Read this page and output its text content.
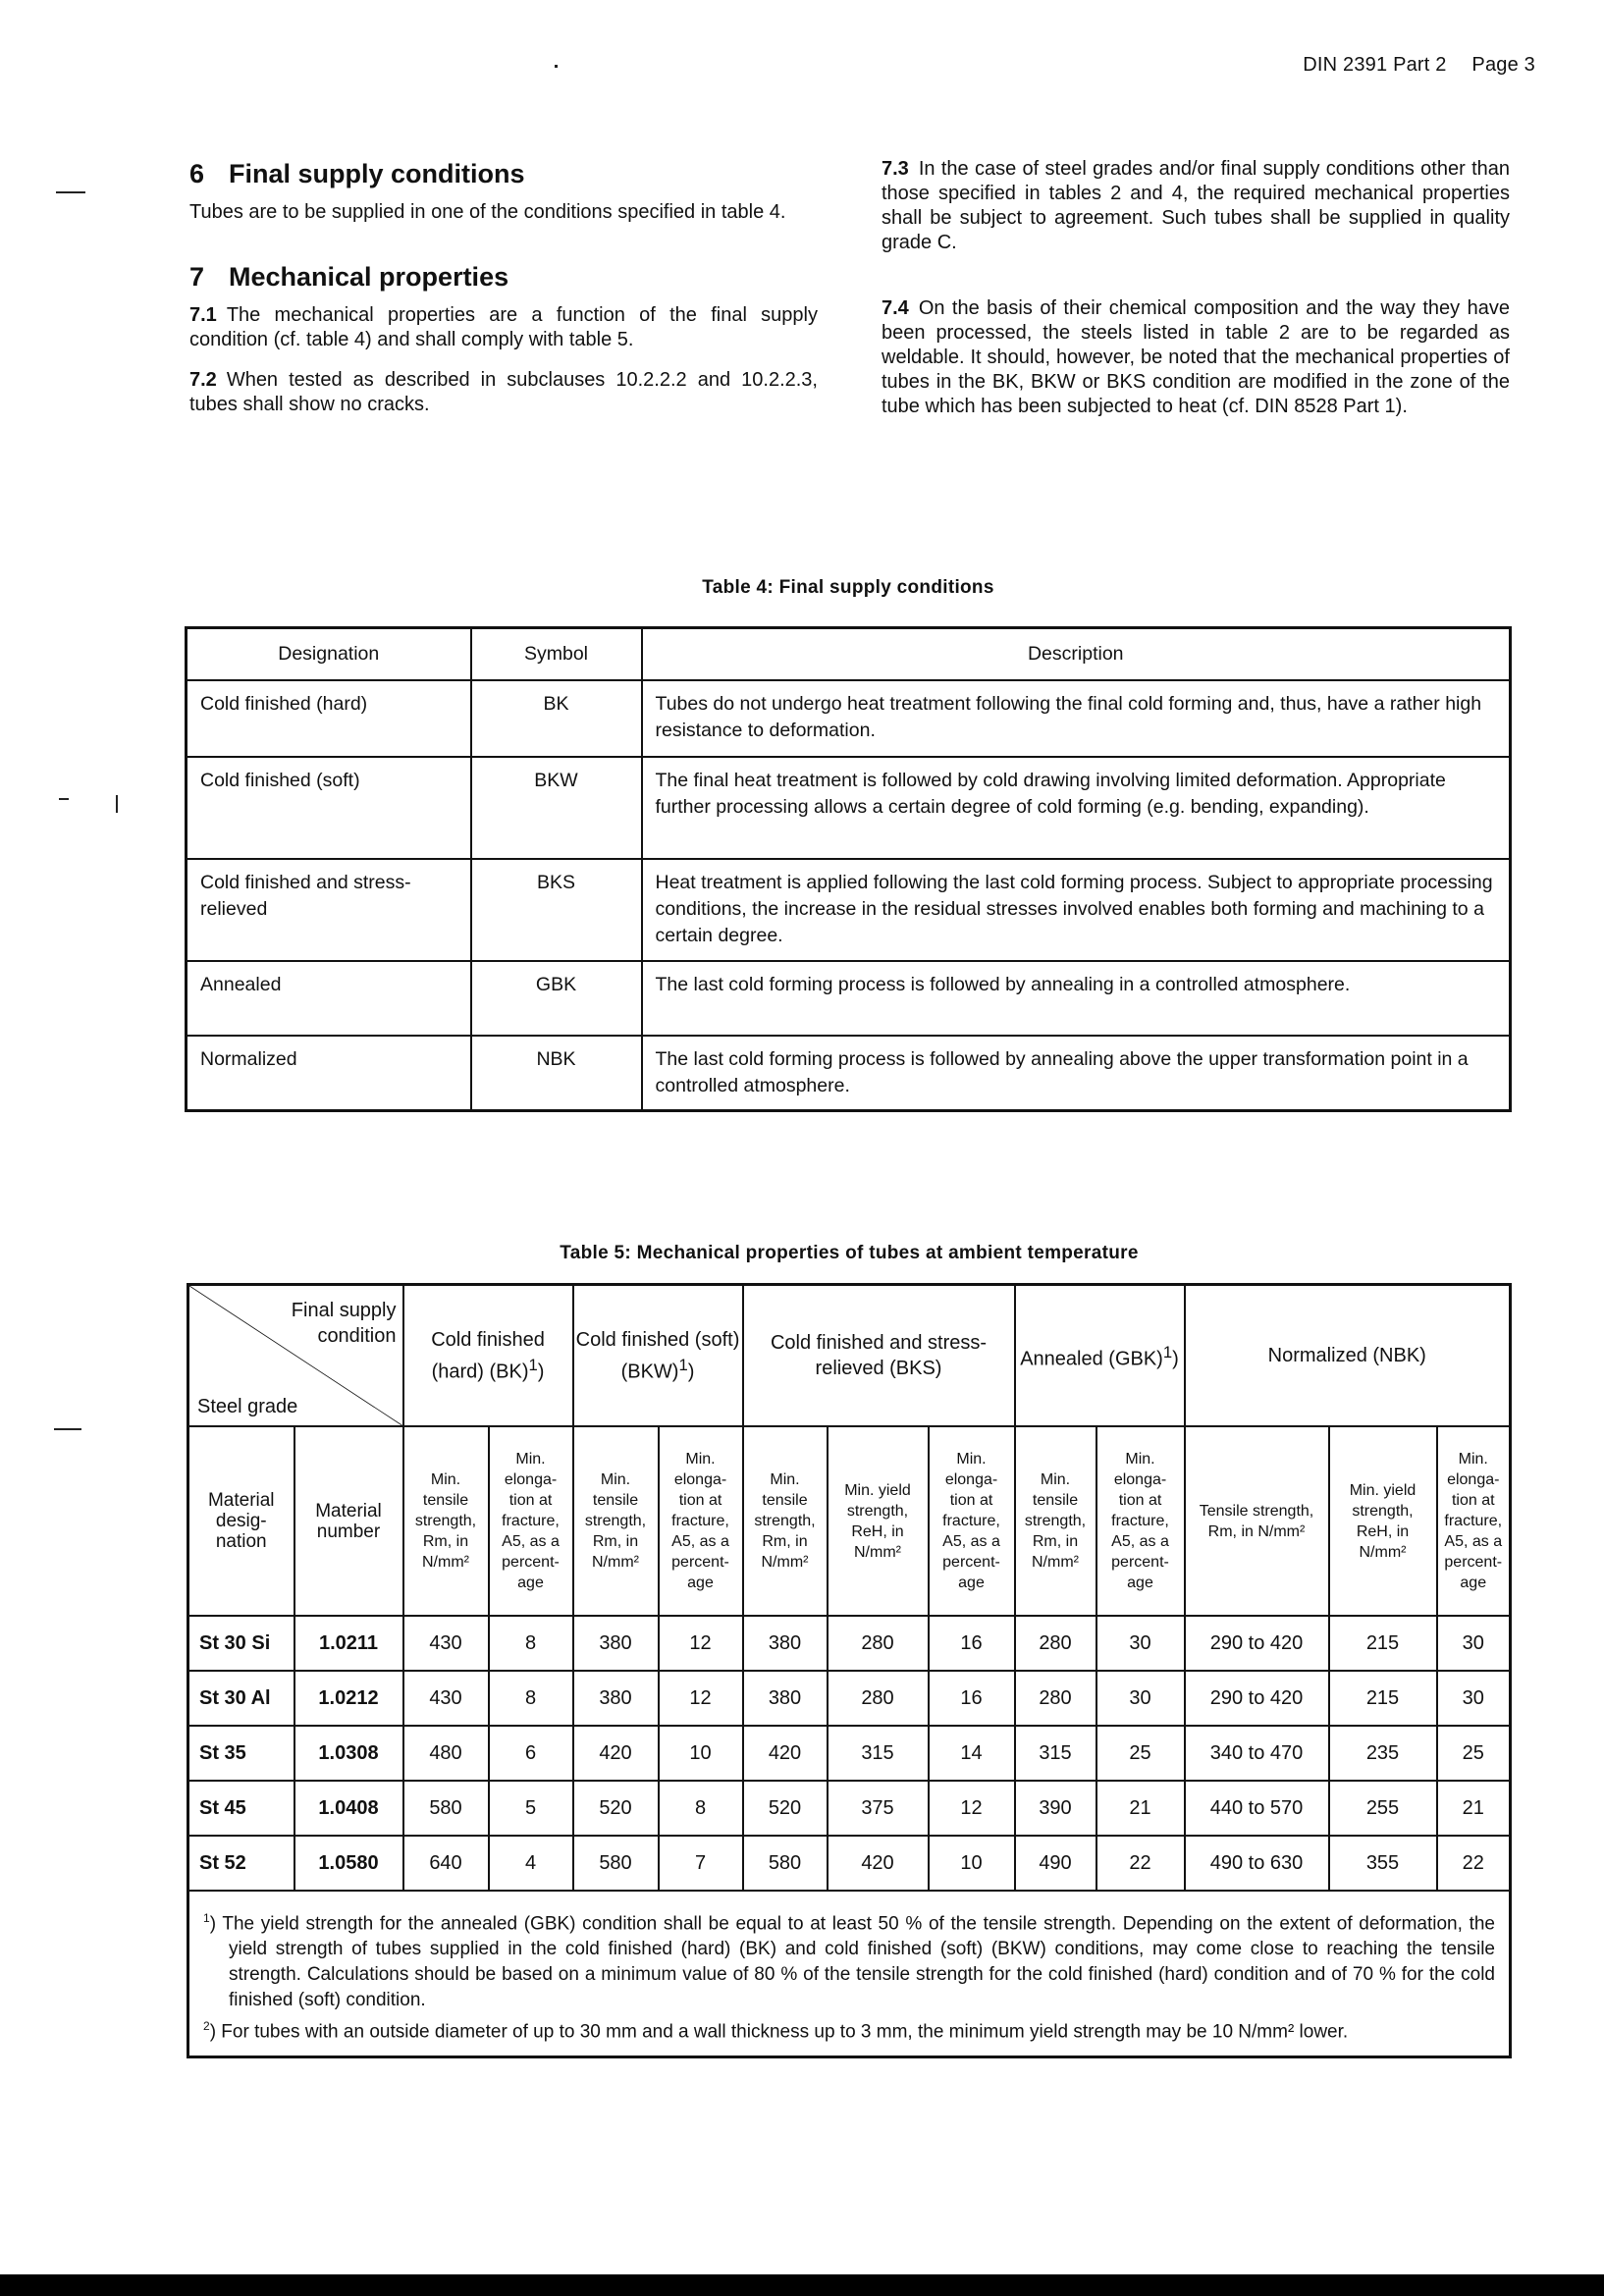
DIN 2391 Part 2 Page 3
6 Final supply conditions

Tubes are to be supplied in one of the conditions specified in table 4.

7 Mechanical properties

7.1 The mechanical properties are a function of the final supply condition (cf. table 4) and shall comply with table 5.

7.2 When tested as described in subclauses 10.2.2.2 and 10.2.2.3, tubes shall show no cracks.

7.3 In the case of steel grades and/or final supply conditions other than those specified in tables 2 and 4, the required mechanical properties shall be subject to agreement. Such tubes shall be supplied in quality grade C.

7.4 On the basis of their chemical composition and the way they have been processed, the steels listed in table 2 are to be regarded as weldable. It should, however, be noted that the mechanical properties of tubes in the BK, BKW or BKS condition are modified in the zone of the tube which has been subjected to heat (cf. DIN 8528 Part 1).

Table 4: Final supply conditions
Designation	Symbol	Description
Cold finished (hard)	BK	Tubes do not undergo heat treatment following the final cold forming and, thus, have a rather high resistance to deformation.
Cold finished (soft)	BKW	The final heat treatment is followed by cold drawing involving limited deformation. Appropriate further processing allows a certain degree of cold forming (e.g. bending, expanding).
Cold finished and stress-relieved	BKS	Heat treatment is applied following the last cold forming process. Subject to appropriate processing conditions, the increase in the residual stresses involved enables both forming and machining to a certain degree.
Annealed	GBK	The last cold forming process is followed by annealing in a controlled atmosphere.
Normalized	NBK	The last cold forming process is followed by annealing above the upper transformation point in a controlled atmosphere.
Table 5: Mechanical properties of tubes at ambient temperature
Final supply
condition
Steel grade		Cold finished (hard) (BK)$^1$)		Cold finished (soft) (BKW)$^1$)		Cold finished and stress-relieved (BKS)			Annealed (GBK)$^1$)		Normalized (NBK)		
Material desig- nation	Material number	Min. tensile strength, Rm, in N/mm²	Min. elonga- tion at fracture, A5, as a percent- age	Min. tensile strength, Rm, in N/mm²	Min. elonga- tion at fracture, A5, as a percent- age	Min. tensile strength, Rm, in N/mm²	Min. yield strength, ReH, in N/mm²	Min. elonga- tion at fracture, A5, as a percent- age	Min. tensile strength, Rm, in N/mm²	Min. elonga- tion at fracture, A5, as a percent- age	Tensile strength, Rm, in N/mm²	Min. yield strength, ReH, in N/mm²	Min. elonga- tion at fracture, A5, as a percent- age
St 30 Si	1.0211	430	8	380	12	380	280	16	280	30	290 to 420	215	30
St 30 Al	1.0212	430	8	380	12	380	280	16	280	30	290 to 420	215	30
St 35	1.0308	480	6	420	10	420	315	14	315	25	340 to 470	235	25
St 45	1.0408	580	5	520	8	520	375	12	390	21	440 to 570	255	21
St 52	1.0580	640	4	580	7	580	420	10	490	22	490 to 630	355	22

$^1$) The yield strength for the annealed (GBK) condition shall be equal to at least 50 % of the tensile strength. Depending on the extent of deformation, the yield strength of tubes supplied in the cold finished (hard) (BK) and cold finished (soft) (BKW) conditions, may come close to reaching the tensile strength. Calculations should be based on a minimum value of 80 % of the tensile strength for the cold finished (hard) condition and of 70 % for the cold finished (soft) condition.
$^2$) For tubes with an outside diameter of up to 30 mm and a wall thickness up to 3 mm, the minimum yield strength may be 10 N/mm² lower.													
